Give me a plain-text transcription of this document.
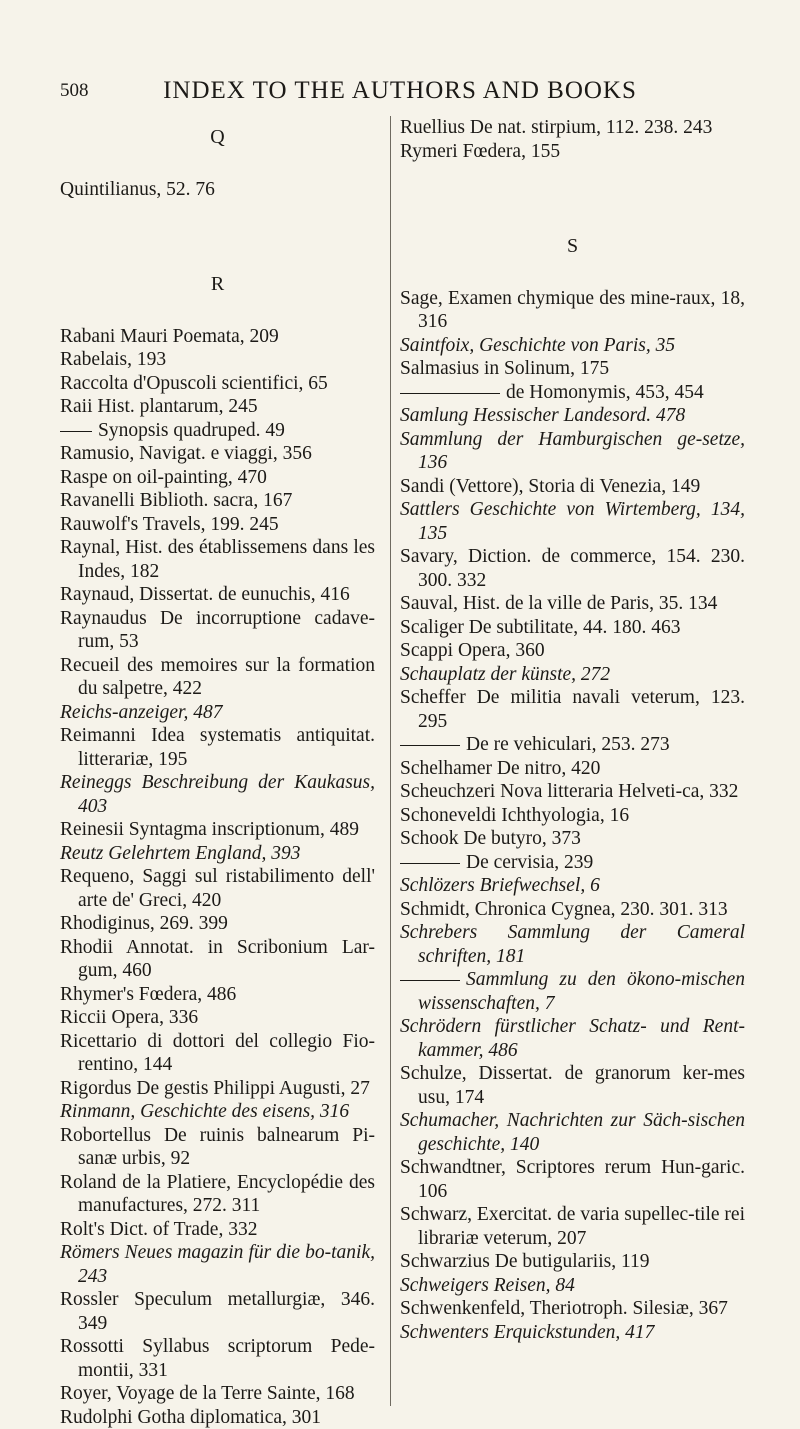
508	INDEX TO THE AUTHORS AND BOOKS
Q

Quintilianus, 52. 76

R

Rabani Mauri Poemata, 209

Rabelais, 193

Raccolta d'Opuscoli scientifici, 65

Raii Hist. plantarum, 245

Synopsis quadruped. 49

Ramusio, Navigat. e viaggi, 356

Raspe on oil-painting, 470

Ravanelli Biblioth. sacra, 167

Rauwolf's Travels, 199. 245

Raynal, Hist. des établissemens dans les Indes, 182

Raynaud, Dissertat. de eunuchis, 416

Raynaudus De incorruptione cadave-rum, 53

Recueil des memoires sur la formation du salpetre, 422

Reichs-anzeiger, 487

Reimanni Idea systematis antiquitat. litterariæ, 195

Reineggs Beschreibung der Kaukasus, 403

Reinesii Syntagma inscriptionum, 489

Reutz Gelehrtem England, 393

Requeno, Saggi sul ristabilimento dell' arte de' Greci, 420

Rhodiginus, 269. 399

Rhodii Annotat. in Scribonium Lar-gum, 460

Rhymer's Fœdera, 486

Riccii Opera, 336

Ricettario di dottori del collegio Fio-rentino, 144

Rigordus De gestis Philippi Augusti, 27

Rinmann, Geschichte des eisens, 316

Robortellus De ruinis balnearum Pi-sanæ urbis, 92

Roland de la Platiere, Encyclopédie des manufactures, 272. 311

Rolt's Dict. of Trade, 332

Römers Neues magazin für die bo-tanik, 243

Rossler Speculum metallurgiæ, 346. 349

Rossotti Syllabus scriptorum Pede-montii, 331

Royer, Voyage de la Terre Sainte, 168

Rudolphi Gotha diplomatica, 301

Ruellius De nat. stirpium, 112. 238. 243

Rymeri Fœdera, 155

S

Sage, Examen chymique des mine-raux, 18, 316

Saintfoix, Geschichte von Paris, 35

Salmasius in Solinum, 175

de Homonymis, 453, 454

Samlung Hessischer Landesord. 478

Sammlung der Hamburgischen ge-setze, 136

Sandi (Vettore), Storia di Venezia, 149

Sattlers Geschichte von Wirtemberg, 134, 135

Savary, Diction. de commerce, 154. 230. 300. 332

Sauval, Hist. de la ville de Paris, 35. 134

Scaliger De subtilitate, 44. 180. 463

Scappi Opera, 360

Schauplatz der künste, 272

Scheffer De militia navali veterum, 123. 295

De re vehiculari, 253. 273

Schelhamer De nitro, 420

Scheuchzeri Nova litteraria Helveti-ca, 332

Schoneveldi Ichthyologia, 16

Schook De butyro, 373

De cervisia, 239

Schlözers Briefwechsel, 6

Schmidt, Chronica Cygnea, 230. 301. 313

Schrebers Sammlung der Cameral schriften, 181

Sammlung zu den ökono-mischen wissenschaften, 7

Schrödern fürstlicher Schatz- und Rent-kammer, 486

Schulze, Dissertat. de granorum ker-mes usu, 174

Schumacher, Nachrichten zur Säch-sischen geschichte, 140

Schwandtner, Scriptores rerum Hun-garic. 106

Schwarz, Exercitat. de varia supellec-tile rei librariæ veterum, 207

Schwarzius De butigulariis, 119

Schweigers Reisen, 84

Schwenkenfeld, Theriotroph. Silesiæ, 367

Schwenters Erquickstunden, 417
